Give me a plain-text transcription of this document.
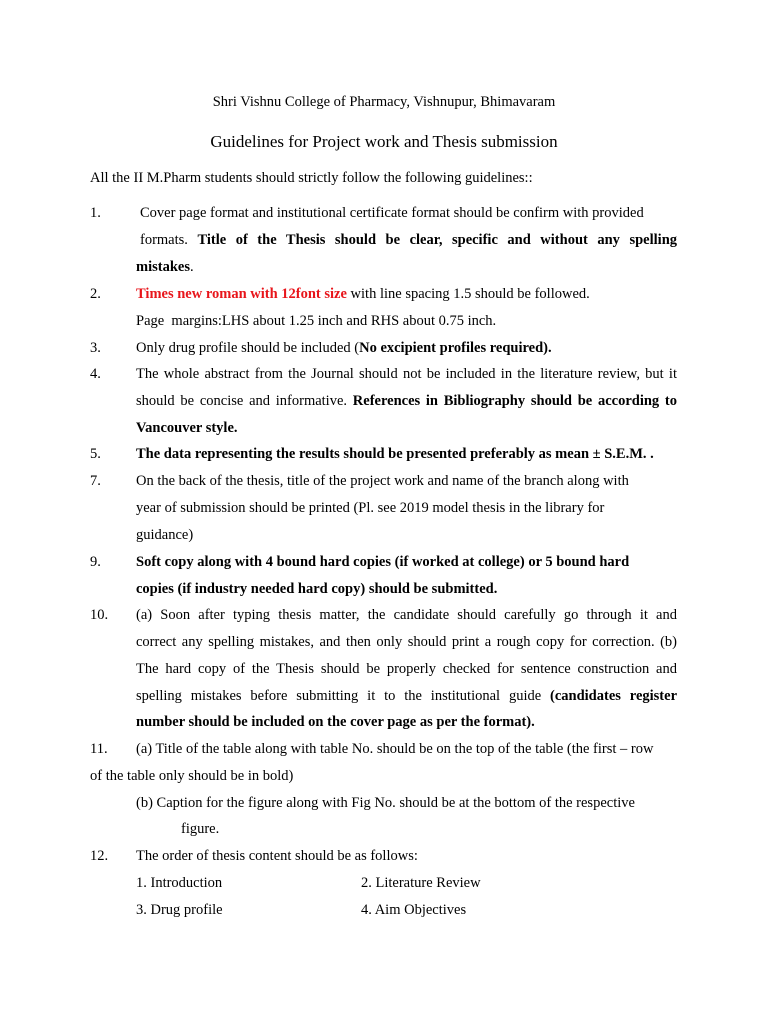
Shri Vishnu College of Pharmacy, Vishnupur, Bhimavaram
Guidelines for Project work and Thesis submission
All the II M.Pharm students should strictly follow the following guidelines::
1.	Cover page format and institutional certificate format should be confirm with provided
formats. Title of the Thesis should be clear, specific and without any spelling
mistakes.
2. Times new roman with 12font size with line spacing 1.5 should be followed.
Page  margins:LHS about 1.25 inch and RHS about 0.75 inch.
3. Only drug profile should be included (No excipient profiles required).
4. The whole abstract from the Journal should not be included in the literature review, but it
should be concise and informative. References in Bibliography should be according to
Vancouver style.
5. The data representing the results should be presented preferably as mean ± S.E.M. .
7. On the back of the thesis, title of the project work and name of the branch along with
year of submission should be printed (Pl. see 2019 model thesis in the library for
guidance)
9. Soft copy along with 4 bound hard copies (if worked at college) or 5 bound hard
copies (if industry needed hard copy) should be submitted.
10. (a) Soon after typing thesis matter, the candidate should carefully go through it and
correct any spelling mistakes, and then only should print a rough copy for correction. (b)
The hard copy of the Thesis should be properly checked for sentence construction and
spelling mistakes before submitting it to the institutional guide (candidates register
number should be included on the cover page as per the format).
11. (a) Title of the table along with table No. should be on the top of the table (the first – row
of the table only should be in bold)
(b) Caption for the figure along with Fig No. should be at the bottom of the respective
figure.
12. The order of thesis content should be as follows:
1. Introduction	2. Literature Review
3. Drug profile	4. Aim Objectives
